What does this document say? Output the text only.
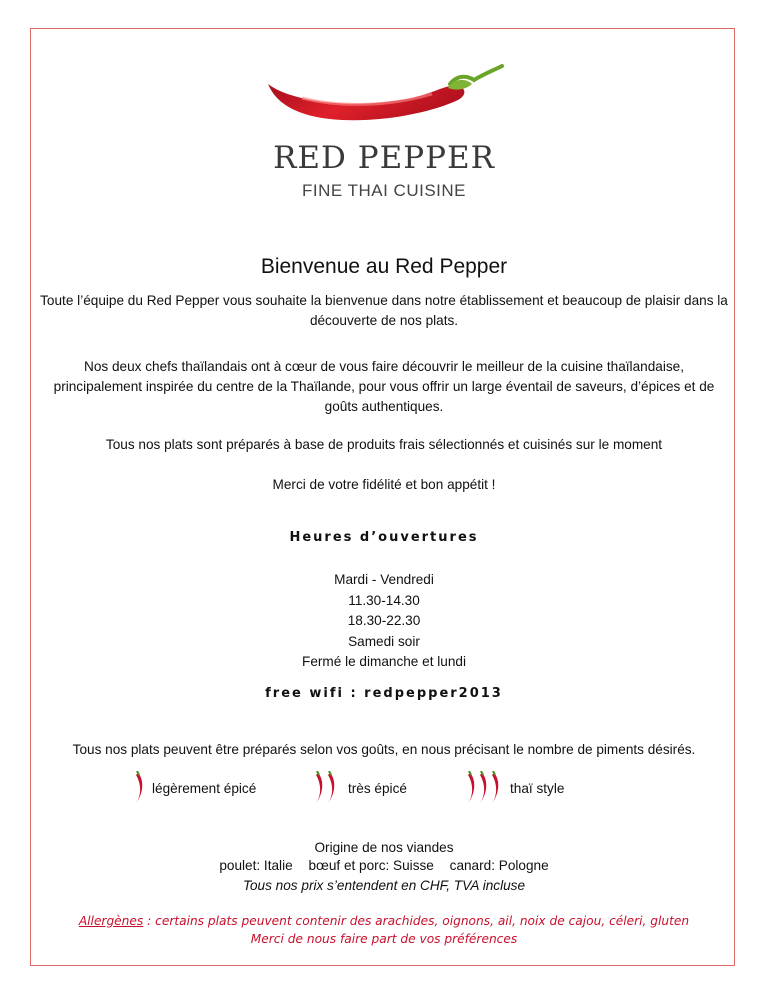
RED PEPPER
FINE THAI CUISINE
Bienvenue au Red Pepper
Toute l’équipe du Red Pepper vous souhaite la bienvenue dans notre établissement et beaucoup de plaisir dans la découverte de nos plats.
Nos deux chefs thaïlandais ont à cœur de vous faire découvrir le meilleur de la cuisine thaïlandaise, principalement inspirée du centre de la Thaïlande, pour vous offrir un large éventail de saveurs, d’épices et de goûts authentiques.
Tous nos plats sont préparés à base de produits frais sélectionnés et cuisinés sur le moment
Merci de votre fidélité et bon appétit !
Heures d’ouvertures
Mardi - Vendredi
11.30-14.30
18.30-22.30
Samedi soir
Fermé le dimanche et lundi
free wifi : redpepper2013
Tous nos plats peuvent être préparés selon vos goûts, en nous précisant le nombre de piments désirés.
légèrement épicé	très épicé	thaï style
Origine de nos viandes
poulet: Italie bœuf et porc: Suisse canard: Pologne
Tous nos prix s’entendent en CHF, TVA incluse
Allergènes : certains plats peuvent contenir des arachides, oignons, ail, noix de cajou, céleri, gluten
Merci de nous faire part de vos préférences
